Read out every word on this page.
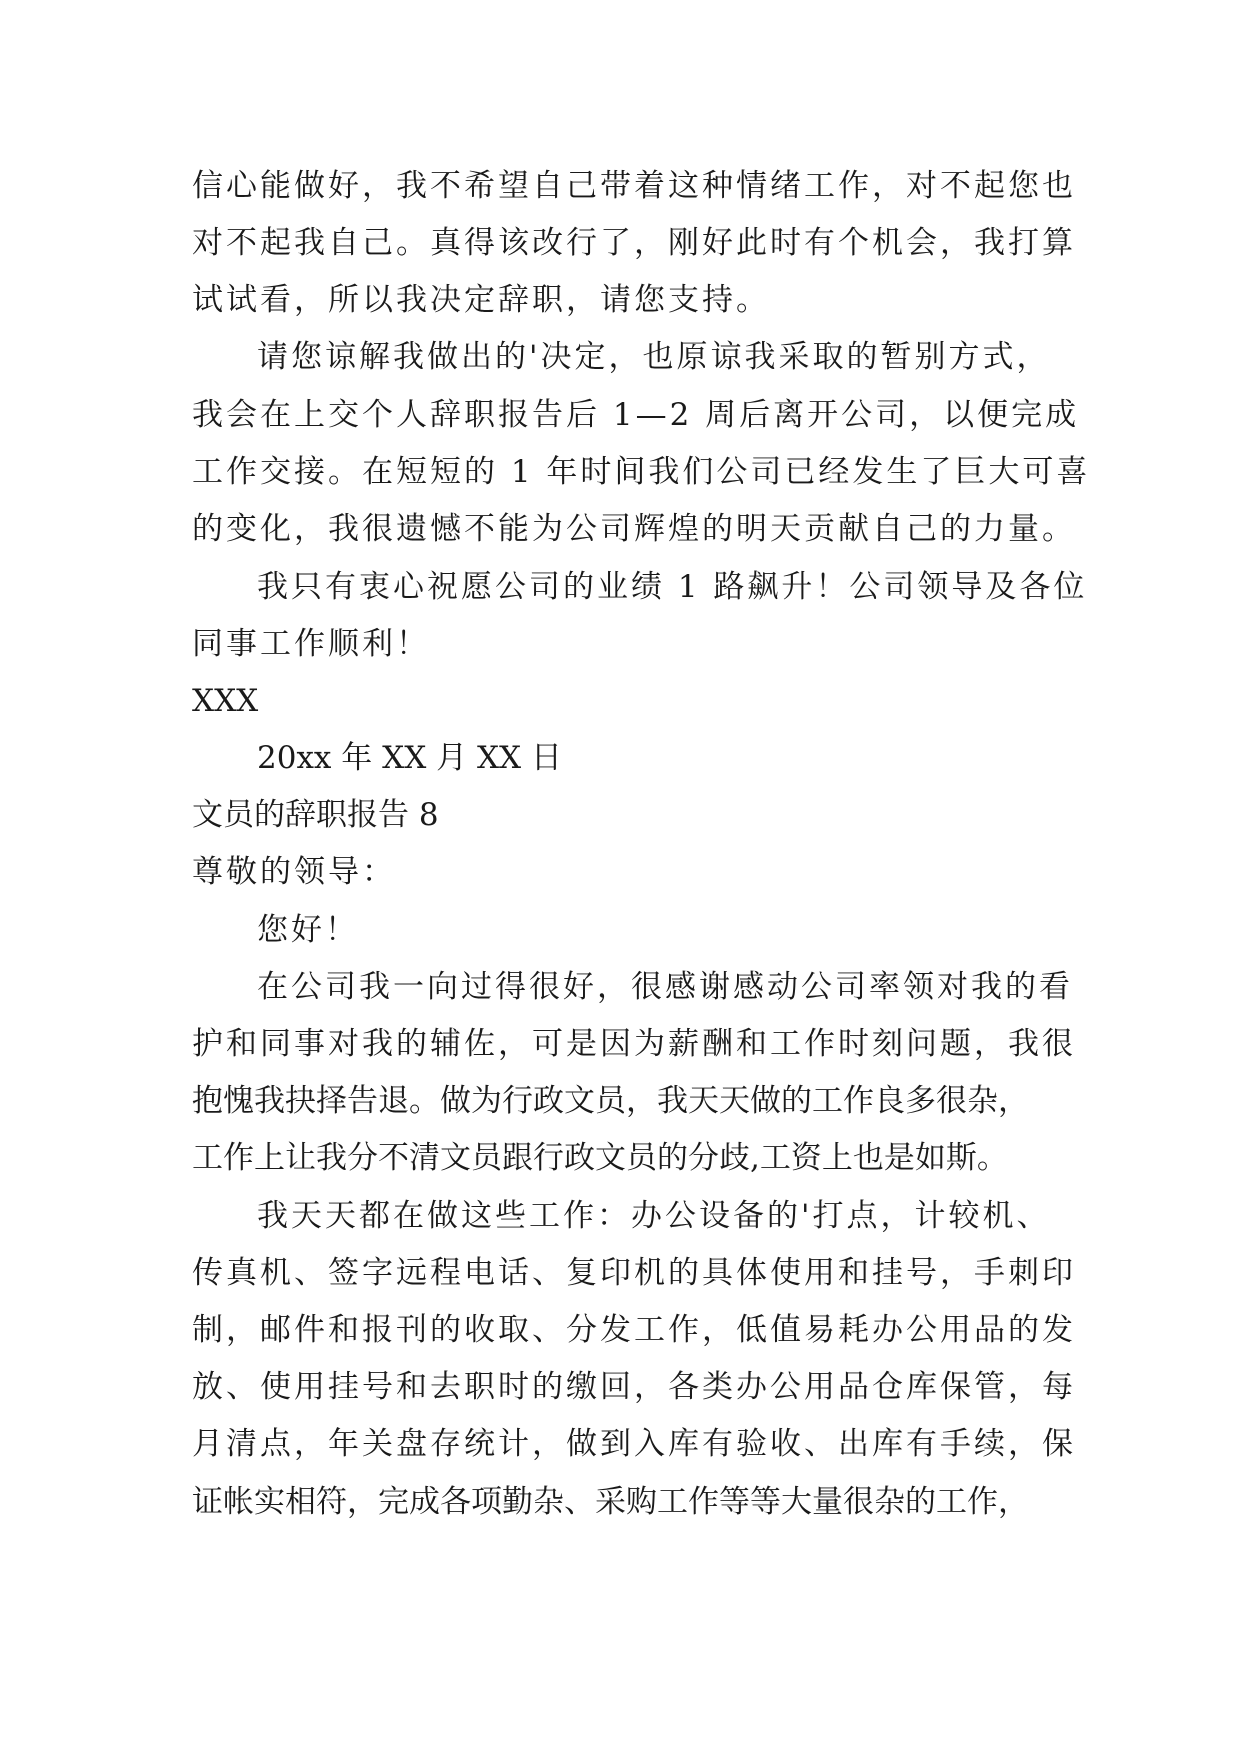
信心能做好，我不希望自己带着这种情绪工作，对不起您也

对不起我自己。真得该改行了，刚好此时有个机会，我打算

试试看，所以我决定辞职，请您支持。

请您谅解我做出的'决定，也原谅我采取的暂别方式，

我会在上交个人辞职报告后 1—2 周后离开公司，以便完成

工作交接。在短短的 1 年时间我们公司已经发生了巨大可喜

的变化，我很遗憾不能为公司辉煌的明天贡献自己的力量。

我只有衷心祝愿公司的业绩 1 路飙升！公司领导及各位

同事工作顺利！

XXX

20xx 年 XX 月 XX 日

文员的辞职报告 8

尊敬的领导：

您好！

在公司我一向过得很好，很感谢感动公司率领对我的看

护和同事对我的辅佐，可是因为薪酬和工作时刻问题，我很

抱愧我抉择告退。做为行政文员，我天天做的工作良多很杂，

工作上让我分不清文员跟行政文员的分歧,工资上也是如斯。

我天天都在做这些工作：办公设备的'打点，计较机、

传真机、签字远程电话、复印机的具体使用和挂号，手刺印

制，邮件和报刊的收取、分发工作，低值易耗办公用品的发

放、使用挂号和去职时的缴回，各类办公用品仓库保管，每

月清点，年关盘存统计，做到入库有验收、出库有手续，保

证帐实相符，完成各项勤杂、采购工作等等大量很杂的工作，
